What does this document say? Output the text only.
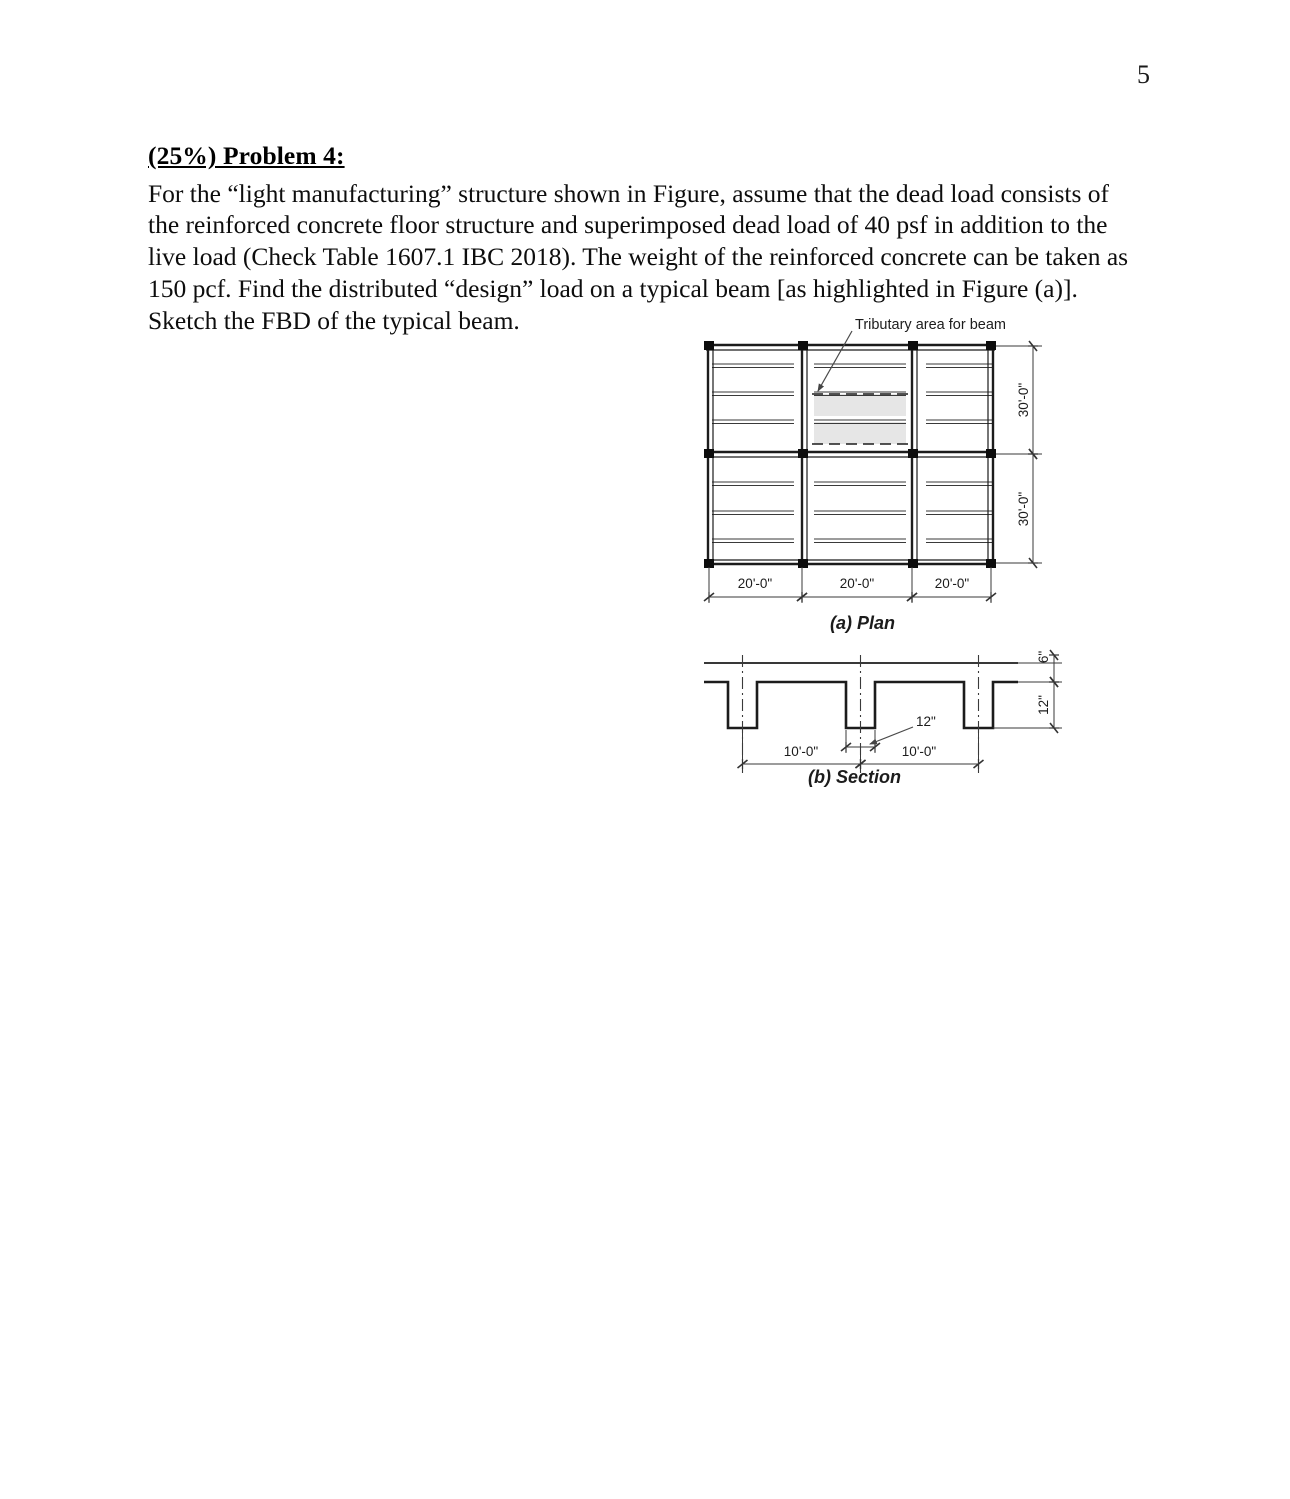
5
(25%) Problem 4:
For the “light manufacturing” structure shown in Figure, assume that the dead load consists of the reinforced concrete floor structure and superimposed dead load of 40 psf in addition to the live load (Check Table 1607.1 IBC 2018). The weight of the reinforced concrete can be taken as 150 pcf. Find the distributed “design” load on a typical beam [as highlighted in Figure (a)]. Sketch the FBD of the typical beam.	Tributary area for beam
30'-0"
30'-0"
20'-0"	20'-0"	20'-0"
(a) Plan
12"
10'-0"	10'-0"
6"
12"
(b) Section
